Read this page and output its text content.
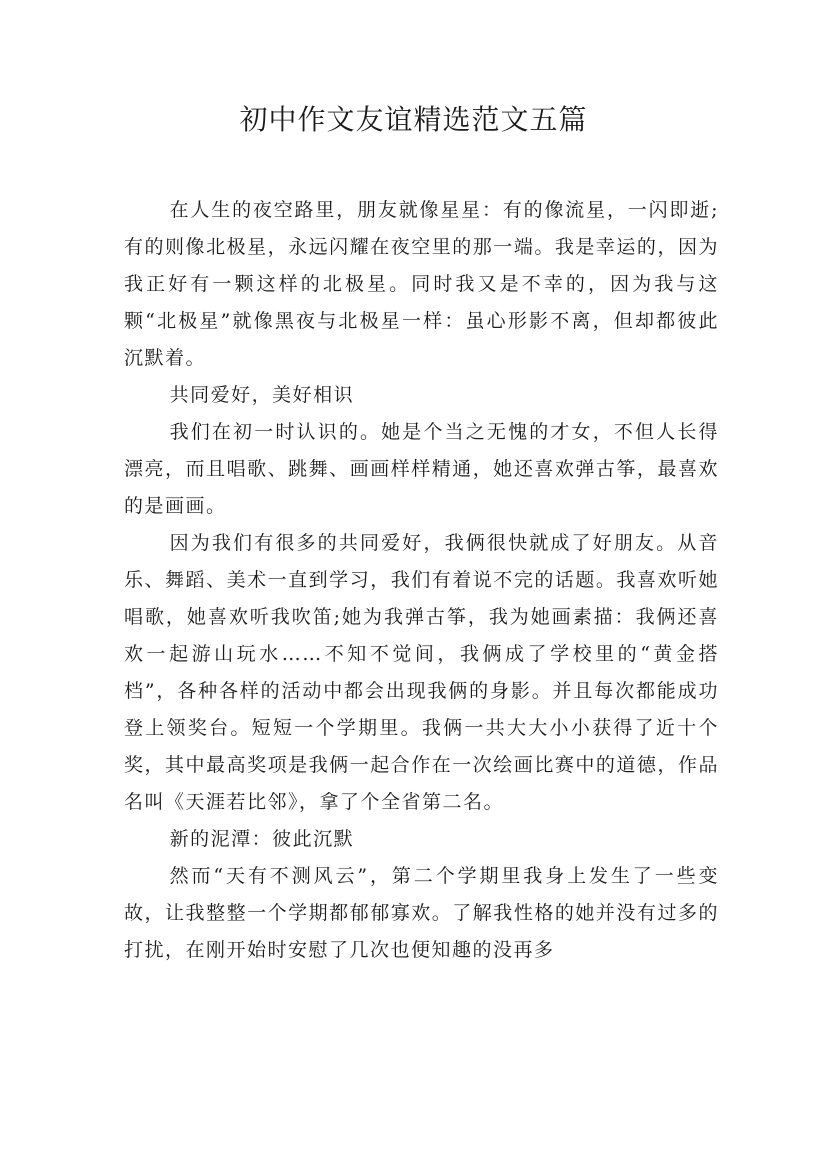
初中作文友谊精选范文五篇

在人生的夜空路里，朋友就像星星：有的像流星，一闪即逝;有的则像北极星，永远闪耀在夜空里的那一端。我是幸运的，因为我正好有一颗这样的北极星。同时我又是不幸的，因为我与这颗“北极星”就像黑夜与北极星一样：虽心形影不离，但却都彼此沉默着。

共同爱好，美好相识

我们在初一时认识的。她是个当之无愧的才女，不但人长得漂亮，而且唱歌、跳舞、画画样样精通，她还喜欢弹古筝，最喜欢的是画画。

因为我们有很多的共同爱好，我俩很快就成了好朋友。从音乐、舞蹈、美术一直到学习，我们有着说不完的话题。我喜欢听她唱歌，她喜欢听我吹笛;她为我弹古筝，我为她画素描：我俩还喜欢一起游山玩水……不知不觉间，我俩成了学校里的“黄金搭档”，各种各样的活动中都会出现我俩的身影。并且每次都能成功登上领奖台。短短一个学期里。我俩一共大大小小获得了近十个奖，其中最高奖项是我俩一起合作在一次绘画比赛中的道德，作品名叫《天涯若比邻》，拿了个全省第二名。

新的泥潭：彼此沉默

然而“天有不测风云”，第二个学期里我身上发生了一些变故，让我整整一个学期都郁郁寡欢。了解我性格的她并没有过多的打扰，在刚开始时安慰了几次也便知趣的没再多
